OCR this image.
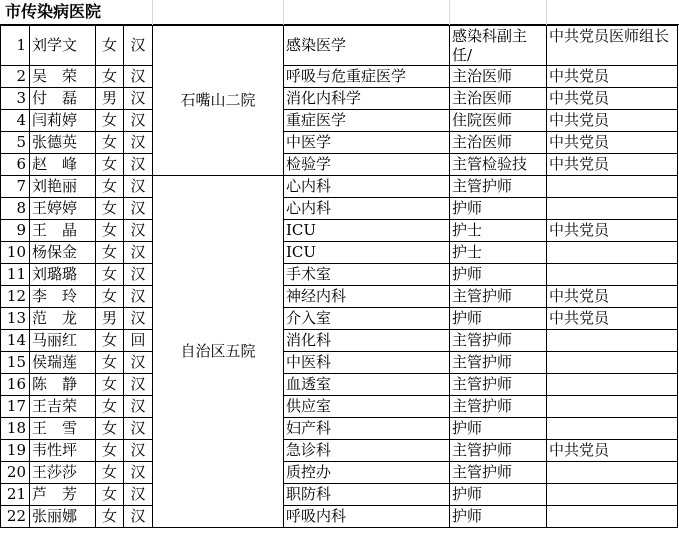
市传染病医院
1	刘学文	女	汉	石嘴山二院	感染医学	感染科副主任/	中共党员医师组长
2	吴　荣	女	汉		呼吸与危重症医学	主治医师	中共党员
3	付　磊	男	汉		消化内科学	主治医师	中共党员
4	闫莉婷	女	汉		重症医学	住院医师	中共党员
5	张德英	女	汉		中医学	主治医师	中共党员
6	赵　峰	女	汉		检验学	主管检验技	中共党员
7	刘艳丽	女	汉	自治区五院	心内科	主管护师	
8	王婷婷	女	汉		心内科	护师	
9	王　晶	女	汉		ICU	护士	中共党员
10	杨保金	女	汉		ICU	护士	
11	刘璐璐	女	汉		手术室	护师	
12	李　玲	女	汉		神经内科	主管护师	中共党员
13	范　龙	男	汉		介入室	护师	中共党员
14	马丽红	女	回		消化科	主管护师	
15	侯瑞莲	女	汉		中医科	主管护师	
16	陈　静	女	汉		血透室	主管护师	
17	王吉荣	女	汉		供应室	主管护师	
18	王　雪	女	汉		妇产科	护师	
19	韦性坪	女	汉		急诊科	主管护师	中共党员
20	王莎莎	女	汉		质控办	主管护师	
21	芦　芳	女	汉		职防科	护师	
22	张丽娜	女	汉		呼吸内科	护师	
